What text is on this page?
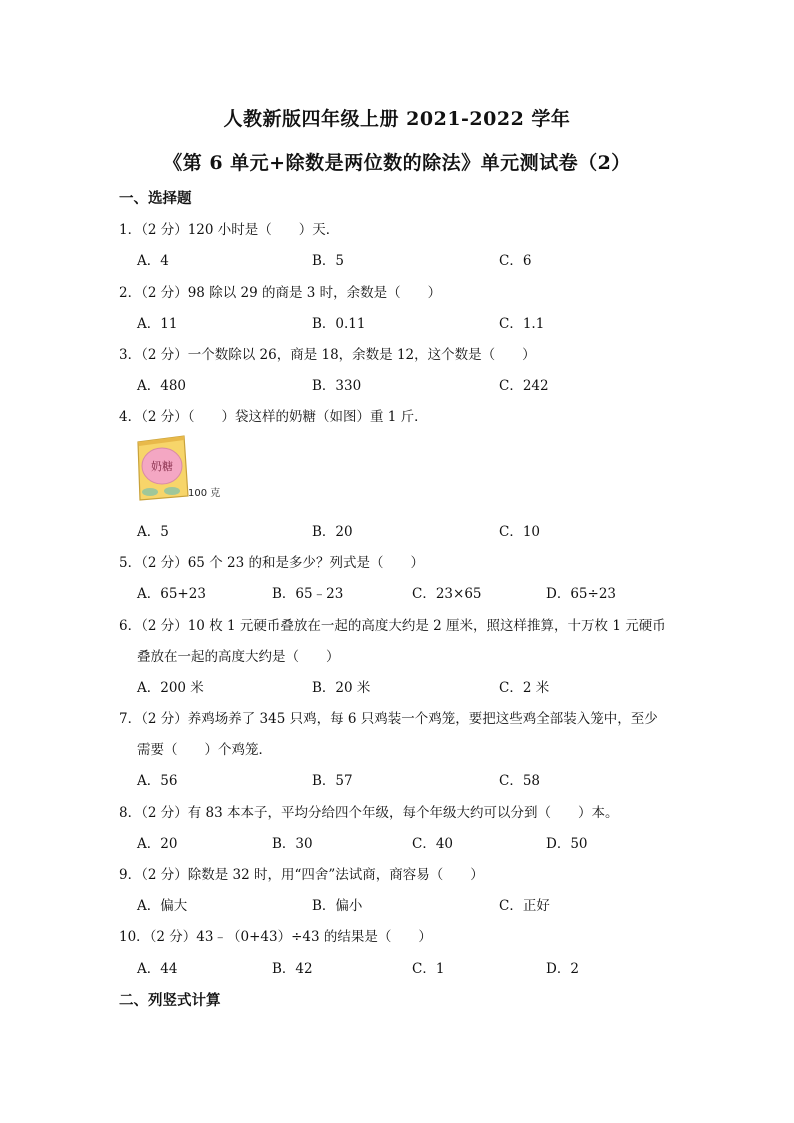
人教新版四年级上册 2021-2022 学年
《第 6 单元+除数是两位数的除法》单元测试卷（2）
一、选择题
1．（2 分）120 小时是（　　）天．
A．4	B．5	C．6
2．（2 分）98 除以 29 的商是 3 时，余数是（　　）
A．11	B．0.11	C．1.1
3．（2 分）一个数除以 26，商是 18，余数是 12，这个数是（　　）
A．480	B．330	C．242
4．（2 分）（　　）袋这样的奶糖（如图）重 1 斤．
奶糖
100 克
A．5	B．20	C．10
5．（2 分）65 个 23 的和是多少？列式是（　　）
A．65+23	B．65﹣23	C．23×65	D．65÷23
6．（2 分）10 枚 1 元硬币叠放在一起的高度大约是 2 厘米，照这样推算，十万枚 1 元硬币
叠放在一起的高度大约是（　　）
A．200 米	B．20 米	C．2 米
7．（2 分）养鸡场养了 345 只鸡，每 6 只鸡装一个鸡笼，要把这些鸡全部装入笼中，至少
需要（　　）个鸡笼．
A．56	B．57	C．58
8．（2 分）有 83 本本子，平均分给四个年级，每个年级大约可以分到（　　）本。
A．20	B．30	C．40	D．50
9．（2 分）除数是 32 时，用“四舍”法试商，商容易（　　）
A．偏大	B．偏小	C．正好
10．（2 分）43﹣（0+43）÷43 的结果是（　　）
A．44	B．42	C．1	D．2
二、列竖式计算
